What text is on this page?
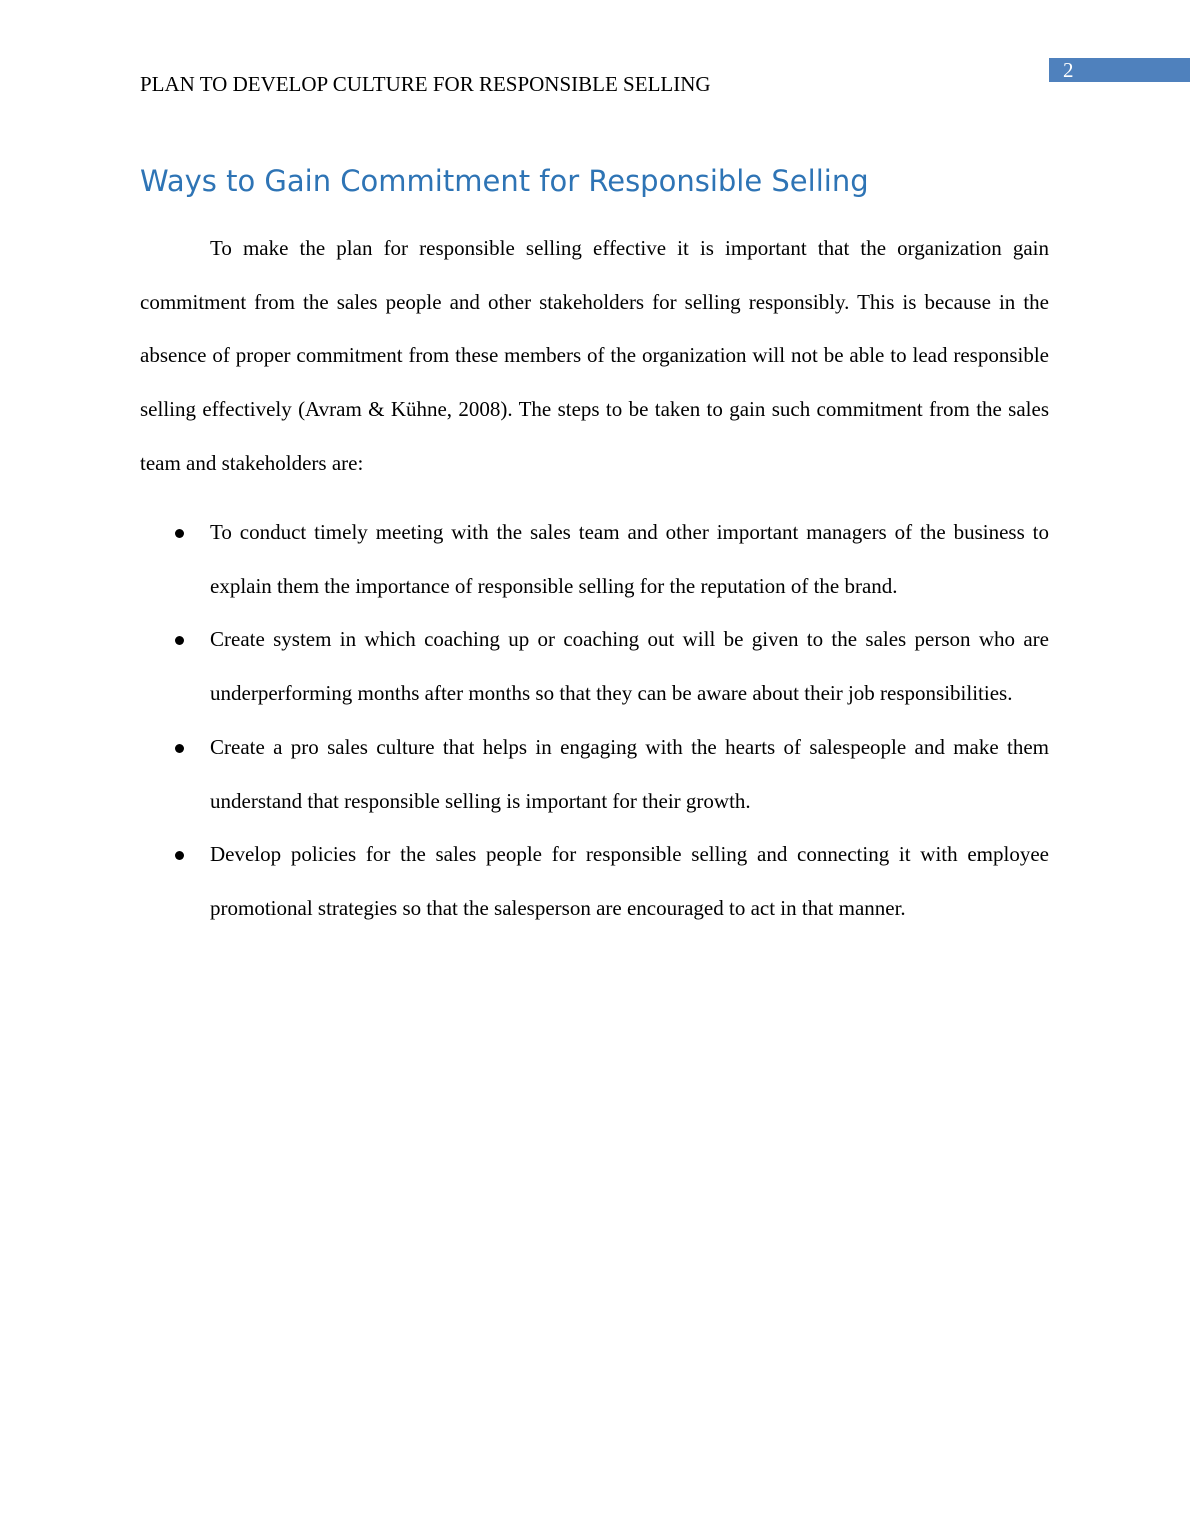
2
PLAN TO DEVELOP CULTURE FOR RESPONSIBLE SELLING
Ways to Gain Commitment for Responsible Selling

To make the plan for responsible selling effective it is important that the organization gain commitment from the sales people and other stakeholders for selling responsibly. This is because in the absence of proper commitment from these members of the organization will not be able to lead responsible selling effectively (Avram & Kühne, 2008). The steps to be taken to gain such commitment from the sales team and stakeholders are:

To conduct timely meeting with the sales team and other important managers of the business to explain them the importance of responsible selling for the reputation of the brand.
Create system in which coaching up or coaching out will be given to the sales person who are underperforming months after months so that they can be aware about their job responsibilities.
Create a pro sales culture that helps in engaging with the hearts of salespeople and make them understand that responsible selling is important for their growth.
Develop policies for the sales people for responsible selling and connecting it with employee promotional strategies so that the salesperson are encouraged to act in that manner.
